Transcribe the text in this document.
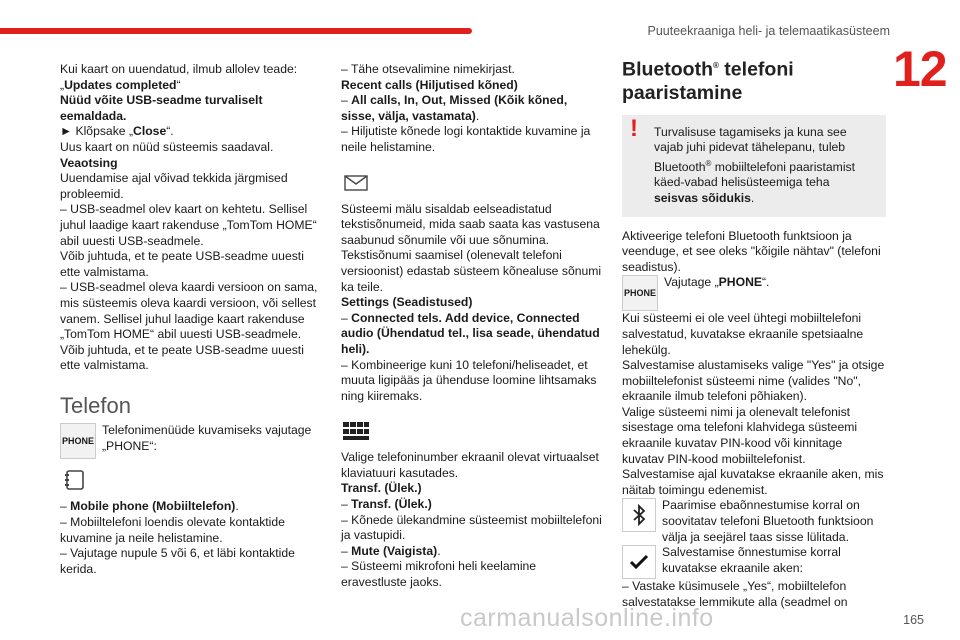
Puuteekraaniga heli- ja telemaatikasüsteem
12

Kui kaart on uuendatud, ilmub allolev teade:

„Updates completed“

Nüüd võite USB-seadme turvaliselt eemaldada.

► Klõpsake „Close“.

Uus kaart on nüüd süsteemis saadaval.

Veaotsing

Uuendamise ajal võivad tekkida järgmised probleemid.

– USB-seadmel olev kaart on kehtetu. Sellisel juhul laadige kaart rakenduse „TomTom HOME“ abil uuesti USB-seadmele.

Võib juhtuda, et te peate USB-seadme uuesti ette valmistama.

– USB-seadmel oleva kaardi versioon on sama, mis süsteemis oleva kaardi versioon, või sellest vanem. Sellisel juhul laadige kaart rakenduse „TomTom HOME“ abil uuesti USB-seadmele.

Võib juhtuda, et te peate USB-seadme uuesti ette valmistama.

Telefon
PHONE

Telefonimenüüde kuvamiseks vajutage „PHONE“:

– Mobile phone (Mobiiltelefon).

– Mobiiltelefoni loendis olevate kontaktide kuvamine ja neile helistamine.

– Vajutage nupule 5 või 6, et läbi kontaktide kerida.

– Tähe otsevalimine nimekirjast.

Recent calls (Hiljutised kõned)

– All calls, In, Out, Missed (Kõik kõned, sisse, välja, vastamata).

– Hiljutiste kõnede logi kontaktide kuvamine ja neile helistamine.

Süsteemi mälu sisaldab eelseadistatud tekstisõnumeid, mida saab saata kas vastusena saabunud sõnumile või uue sõnumina.

Tekstisõnumi saamisel (olenevalt telefoni versioonist) edastab süsteem kõnealuse sõnumi ka teile.

Settings (Seadistused)

– Connected tels. Add device, Connected audio (Ühendatud tel., lisa seade, ühendatud heli).

– Kombineerige kuni 10 telefoni/heliseadet, et muuta ligipääs ja ühenduse loomine lihtsamaks ning kiiremaks.

Valige telefoninumber ekraanil olevat virtuaalset klaviatuuri kasutades.

Transf. (Ülek.)

– Transf. (Ülek.)

– Kõnede ülekandmine süsteemist mobiiltelefoni ja vastupidi.

– Mute (Vaigista).

– Süsteemi mikrofoni heli keelamine eravestluste jaoks.

Bluetooth® telefoni paaristamine
!	Turvalisuse tagamiseks ja kuna see vajab juhi pidevat tähelepanu, tuleb Bluetooth® mobiiltelefoni paaristamist käed-vabad helisüsteemiga teha seisvas sõidukis.

Aktiveerige telefoni Bluetooth funktsioon ja veenduge, et see oleks "kõigile nähtav" (telefoni seadistus).

PHONE

Vajutage „PHONE“.

Kui süsteemi ei ole veel ühtegi mobiiltelefoni salvestatud, kuvatakse ekraanile spetsiaalne lehekülg.

Salvestamise alustamiseks valige "Yes" ja otsige mobiiltelefonist süsteemi nime (valides "No", ekraanile ilmub telefoni põhiaken).

Valige süsteemi nimi ja olenevalt telefonist sisestage oma telefoni klahvidega süsteemi ekraanile kuvatav PIN-kood või kinnitage kuvatav PIN-kood mobiiltelefonist.

Salvestamise ajal kuvatakse ekraanile aken, mis näitab toimingu edenemist.

Paarimise ebaõnnestumise korral on soovitatav telefoni Bluetooth funktsioon välja ja seejärel taas sisse lülitada.

Salvestamise õnnestumise korral kuvatakse ekraanile aken:

– Vastake küsimusele „Yes“, mobiiltelefon salvestatakse lemmikute alla (seadmel on

165
carmanualsonline.info
